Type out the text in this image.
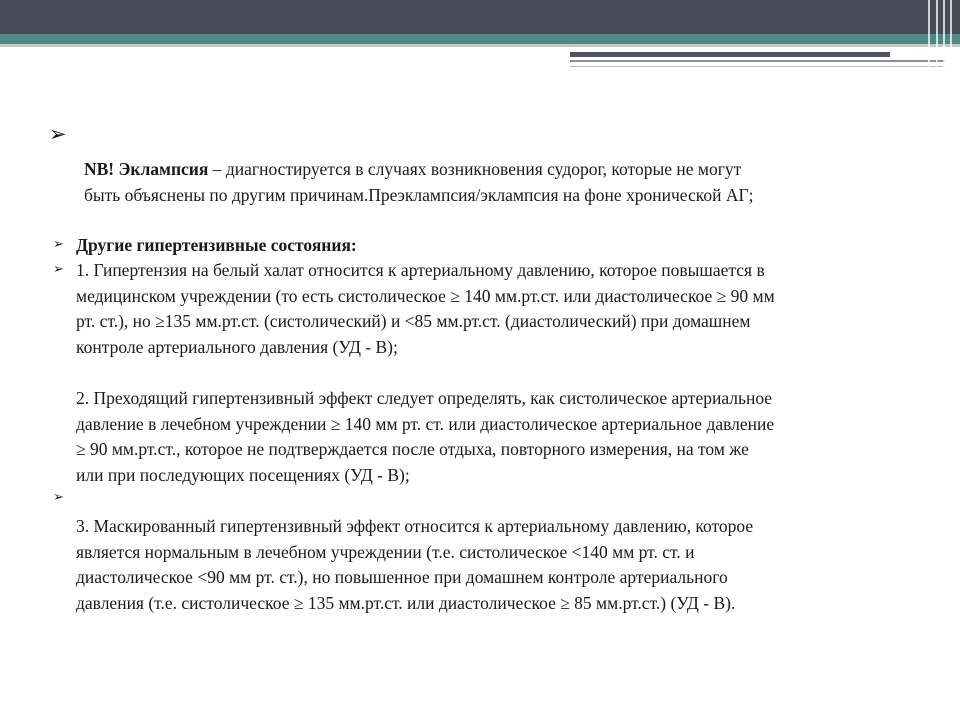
➢
NB! Эклампсия – диагностируется в случаях возникновения судорог, которые не могут
быть объяснены по другим причинам.Преэклампсия/эклампсия на фоне хронической АГ;
➢ Другие гипертензивные состояния:
➢ 1. Гипертензия на белый халат относится к артериальному давлению, которое повышается в
медицинском учреждении (то есть систолическое ≥ 140 мм.рт.ст. или диастолическое ≥ 90 мм
рт. ст.), но ≥135 мм.рт.ст. (систолический) и <85 мм.рт.ст. (диастолический) при домашнем
контроле артериального давления (УД - В);
2. Преходящий гипертензивный эффект следует определять, как систолическое артериальное
давление в лечебном учреждении ≥ 140 мм рт. ст. или диастолическое артериальное давление
≥ 90 мм.рт.ст., которое не подтверждается после отдыха, повторного измерения, на том же
или при последующих посещениях (УД - В);
➢
3. Маскированный гипертензивный эффект относится к артериальному давлению, которое
является нормальным в лечебном учреждении (т.е. систолическое <140 мм рт. ст. и
диастолическое <90 мм рт. ст.), но повышенное при домашнем контроле артериального
давления (т.е. систолическое ≥ 135 мм.рт.ст. или диастолическое ≥ 85 мм.рт.ст.) (УД - В).
